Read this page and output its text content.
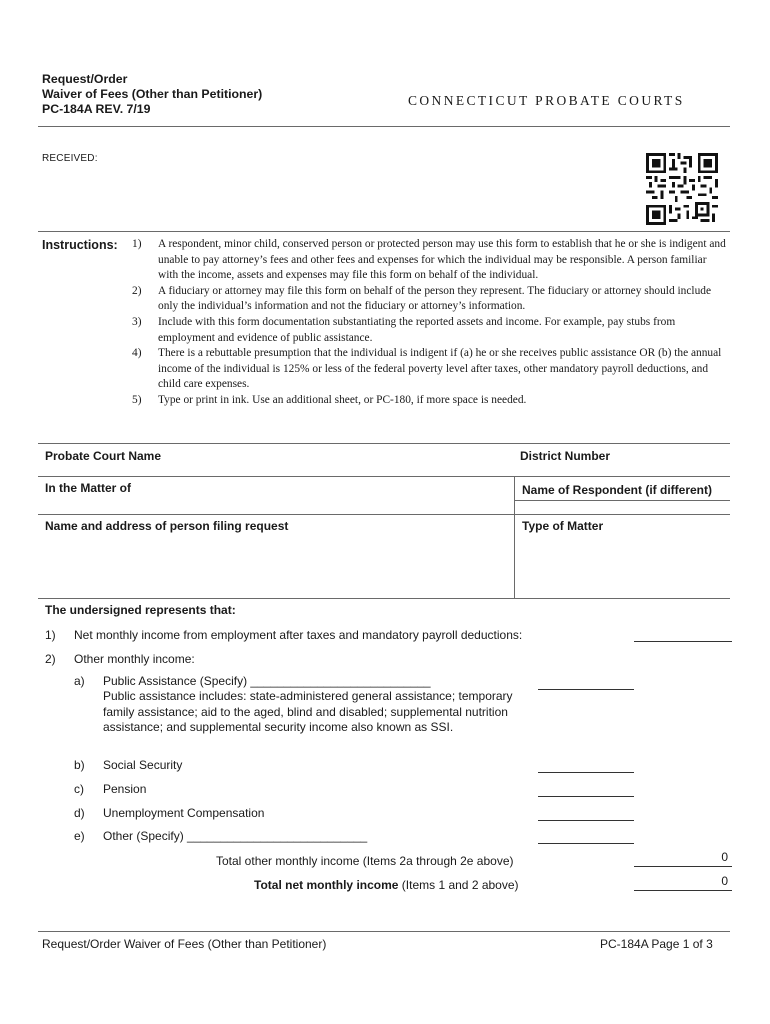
Request/Order
Waiver of Fees (Other than Petitioner)
PC-184A REV. 7/19
CONNECTICUT PROBATE COURTS
RECEIVED:
Instructions:	1)	A respondent, minor child, conserved person or protected person may use this form to establish that he or she is indigent and unable to pay attorney’s fees and other fees and expenses for which the individual may be responsible. A person familiar with the income, assets and expenses may file this form on behalf of the individual.
2)	A fiduciary or attorney may file this form on behalf of the person they represent. The fiduciary or attorney should include only the individual’s information and not the fiduciary or attorney’s information.
3)	Include with this form documentation substantiating the reported assets and income. For example, pay stubs from employment and evidence of public assistance.
4)	There is a rebuttable presumption that the individual is indigent if (a) he or she receives public assistance OR (b) the annual income of the individual is 125% or less of the federal poverty level after taxes, other mandatory payroll deductions, and child care expenses.
5)	Type or print in ink. Use an additional sheet, or PC-180, if more space is needed.
Probate Court Name	District Number
In the Matter of	Name of Respondent (if different)
Name and address of person filing request	Type of Matter
The undersigned represents that:
1) Net monthly income from employment after taxes and mandatory payroll deductions:
2) Other monthly income:
a) Public Assistance (Specify) ___________________________
Public assistance includes: state-administered general assistance; temporary family assistance; aid to the aged, blind and disabled; supplemental nutrition assistance; and supplemental security income also known as SSI.
b) Social Security
c) Pension
d) Unemployment Compensation
e) Other (Specify) ___________________________
Total other monthly income (Items 2a through 2e above)	0
Total net monthly income (Items 1 and 2 above)	0
Request/Order Waiver of Fees (Other than Petitioner)	PC-184A Page 1 of 3
